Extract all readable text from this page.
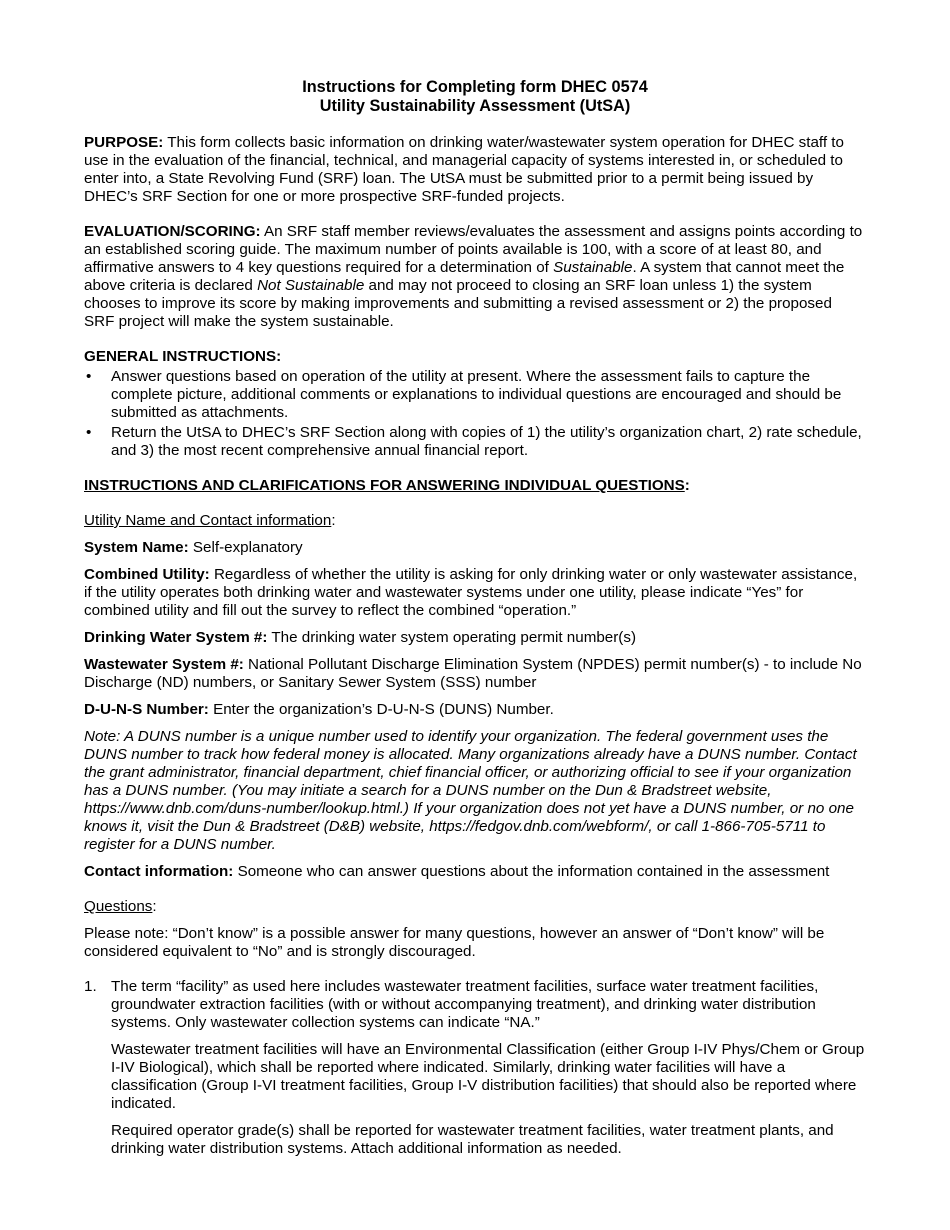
Instructions for Completing form DHEC 0574
Utility Sustainability Assessment (UtSA)

PURPOSE: This form collects basic information on drinking water/wastewater system operation for DHEC staff to use in the evaluation of the financial, technical, and managerial capacity of systems interested in, or scheduled to enter into, a State Revolving Fund (SRF) loan. The UtSA must be submitted prior to a permit being issued by DHEC’s SRF Section for one or more prospective SRF-funded projects.

EVALUATION/SCORING: An SRF staff member reviews/evaluates the assessment and assigns points according to an established scoring guide. The maximum number of points available is 100, with a score of at least 80, and affirmative answers to 4 key questions required for a determination of Sustainable. A system that cannot meet the above criteria is declared Not Sustainable and may not proceed to closing an SRF loan unless 1) the system chooses to improve its score by making improvements and submitting a revised assessment or 2) the proposed SRF project will make the system sustainable.

GENERAL INSTRUCTIONS:

• Answer questions based on operation of the utility at present. Where the assessment fails to capture the complete picture, additional comments or explanations to individual questions are encouraged and should be submitted as attachments.
• Return the UtSA to DHEC’s SRF Section along with copies of 1) the utility’s organization chart, 2) rate schedule, and 3) the most recent comprehensive annual financial report.

INSTRUCTIONS AND CLARIFICATIONS FOR ANSWERING INDIVIDUAL QUESTIONS:

Utility Name and Contact information:

System Name: Self-explanatory

Combined Utility: Regardless of whether the utility is asking for only drinking water or only wastewater assistance, if the utility operates both drinking water and wastewater systems under one utility, please indicate “Yes” for combined utility and fill out the survey to reflect the combined “operation.”

Drinking Water System #: The drinking water system operating permit number(s)

Wastewater System #: National Pollutant Discharge Elimination System (NPDES) permit number(s) - to include No Discharge (ND) numbers, or Sanitary Sewer System (SSS) number

D-U-N-S Number: Enter the organization’s D-U-N-S (DUNS) Number.

Note: A DUNS number is a unique number used to identify your organization. The federal government uses the DUNS number to track how federal money is allocated. Many organizations already have a DUNS number. Contact the grant administrator, financial department, chief financial officer, or authorizing official to see if your organization has a DUNS number. (You may initiate a search for a DUNS number on the Dun & Bradstreet website, https://www.dnb.com/duns-number/lookup.html.) If your organization does not yet have a DUNS number, or no one knows it, visit the Dun & Bradstreet (D&B) website, https://fedgov.dnb.com/webform/, or call 1-866-705-5711 to register for a DUNS number.

Contact information: Someone who can answer questions about the information contained in the assessment

Questions:

Please note: “Don’t know” is a possible answer for many questions, however an answer of “Don’t know” will be considered equivalent to “No” and is strongly discouraged.

1. The term “facility” as used here includes wastewater treatment facilities, surface water treatment facilities, groundwater extraction facilities (with or without accompanying treatment), and drinking water distribution systems. Only wastewater collection systems can indicate “NA.”

Wastewater treatment facilities will have an Environmental Classification (either Group I-IV Phys/Chem or Group I-IV Biological), which shall be reported where indicated. Similarly, drinking water facilities will have a classification (Group I-VI treatment facilities, Group I-V distribution facilities) that should also be reported where indicated.

Required operator grade(s) shall be reported for wastewater treatment facilities, water treatment plants, and drinking water distribution systems. Attach additional information as needed.
